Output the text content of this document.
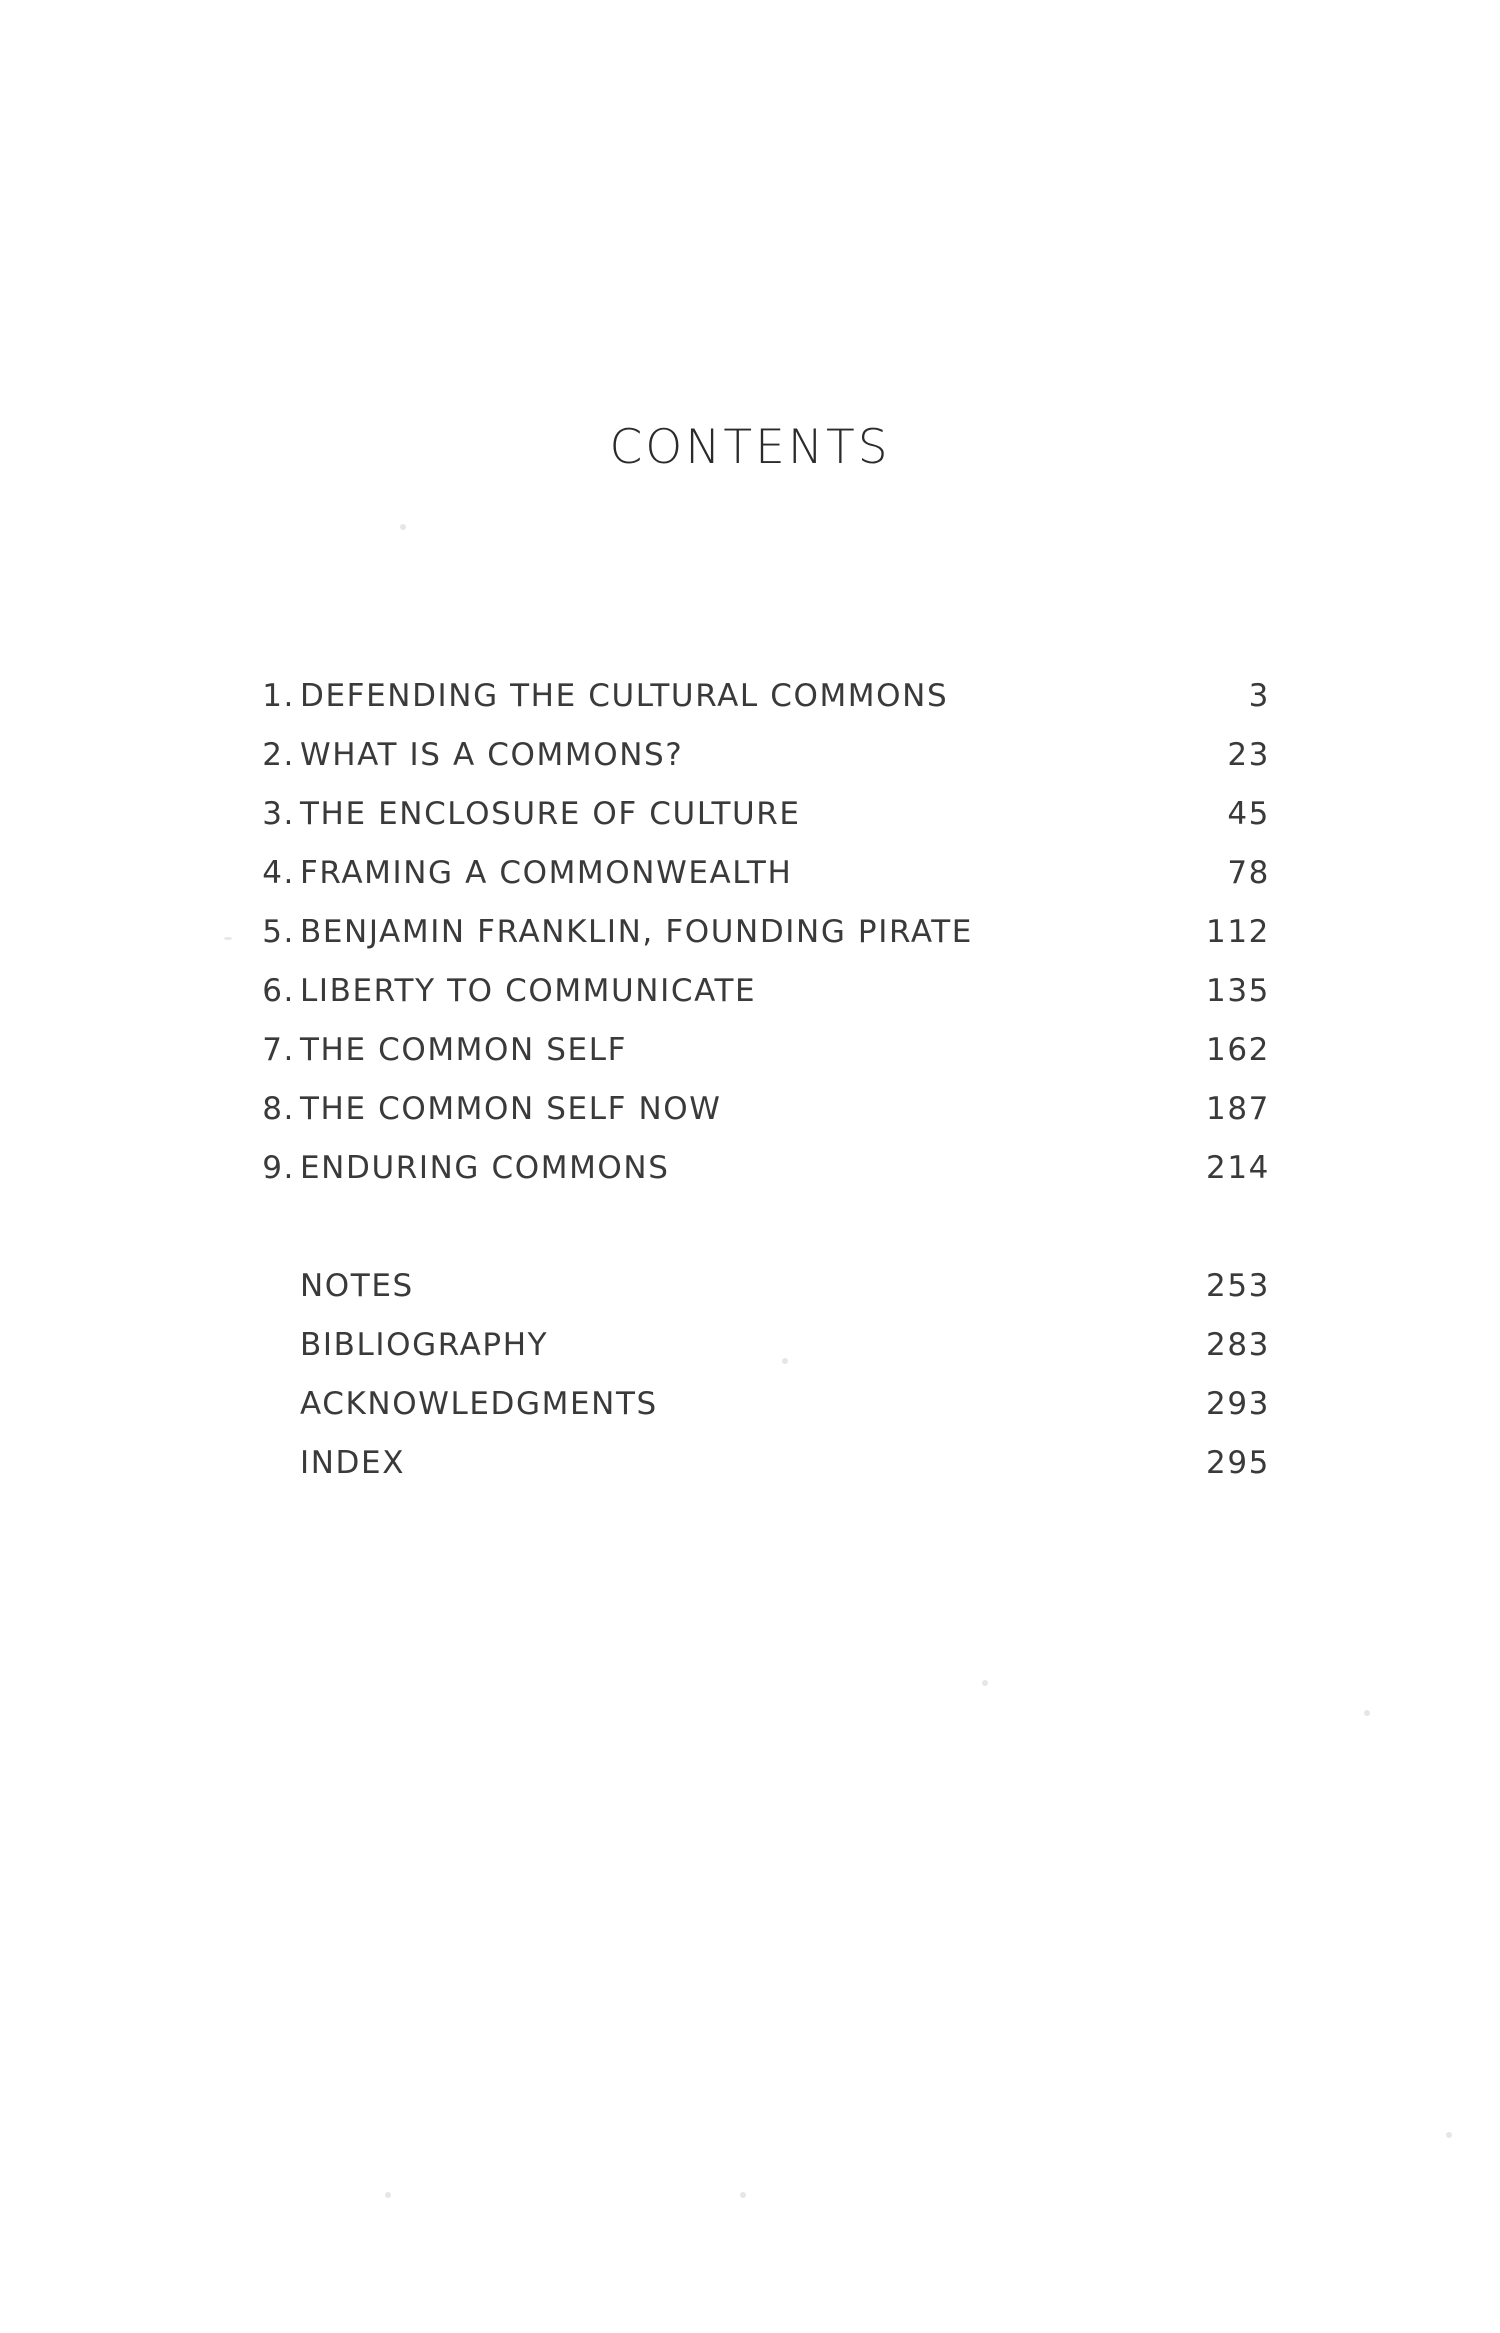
CONTENTS
1. DEFENDING THE CULTURAL COMMONS	3
2. WHAT IS A COMMONS?	23
3. THE ENCLOSURE OF CULTURE	45
4. FRAMING A COMMONWEALTH	78
5. BENJAMIN FRANKLIN, FOUNDING PIRATE	112
6. LIBERTY TO COMMUNICATE	135
7. THE COMMON SELF	162
8. THE COMMON SELF NOW	187
9. ENDURING COMMONS	214
NOTES	253
BIBLIOGRAPHY	283
ACKNOWLEDGMENTS	293
INDEX	295
